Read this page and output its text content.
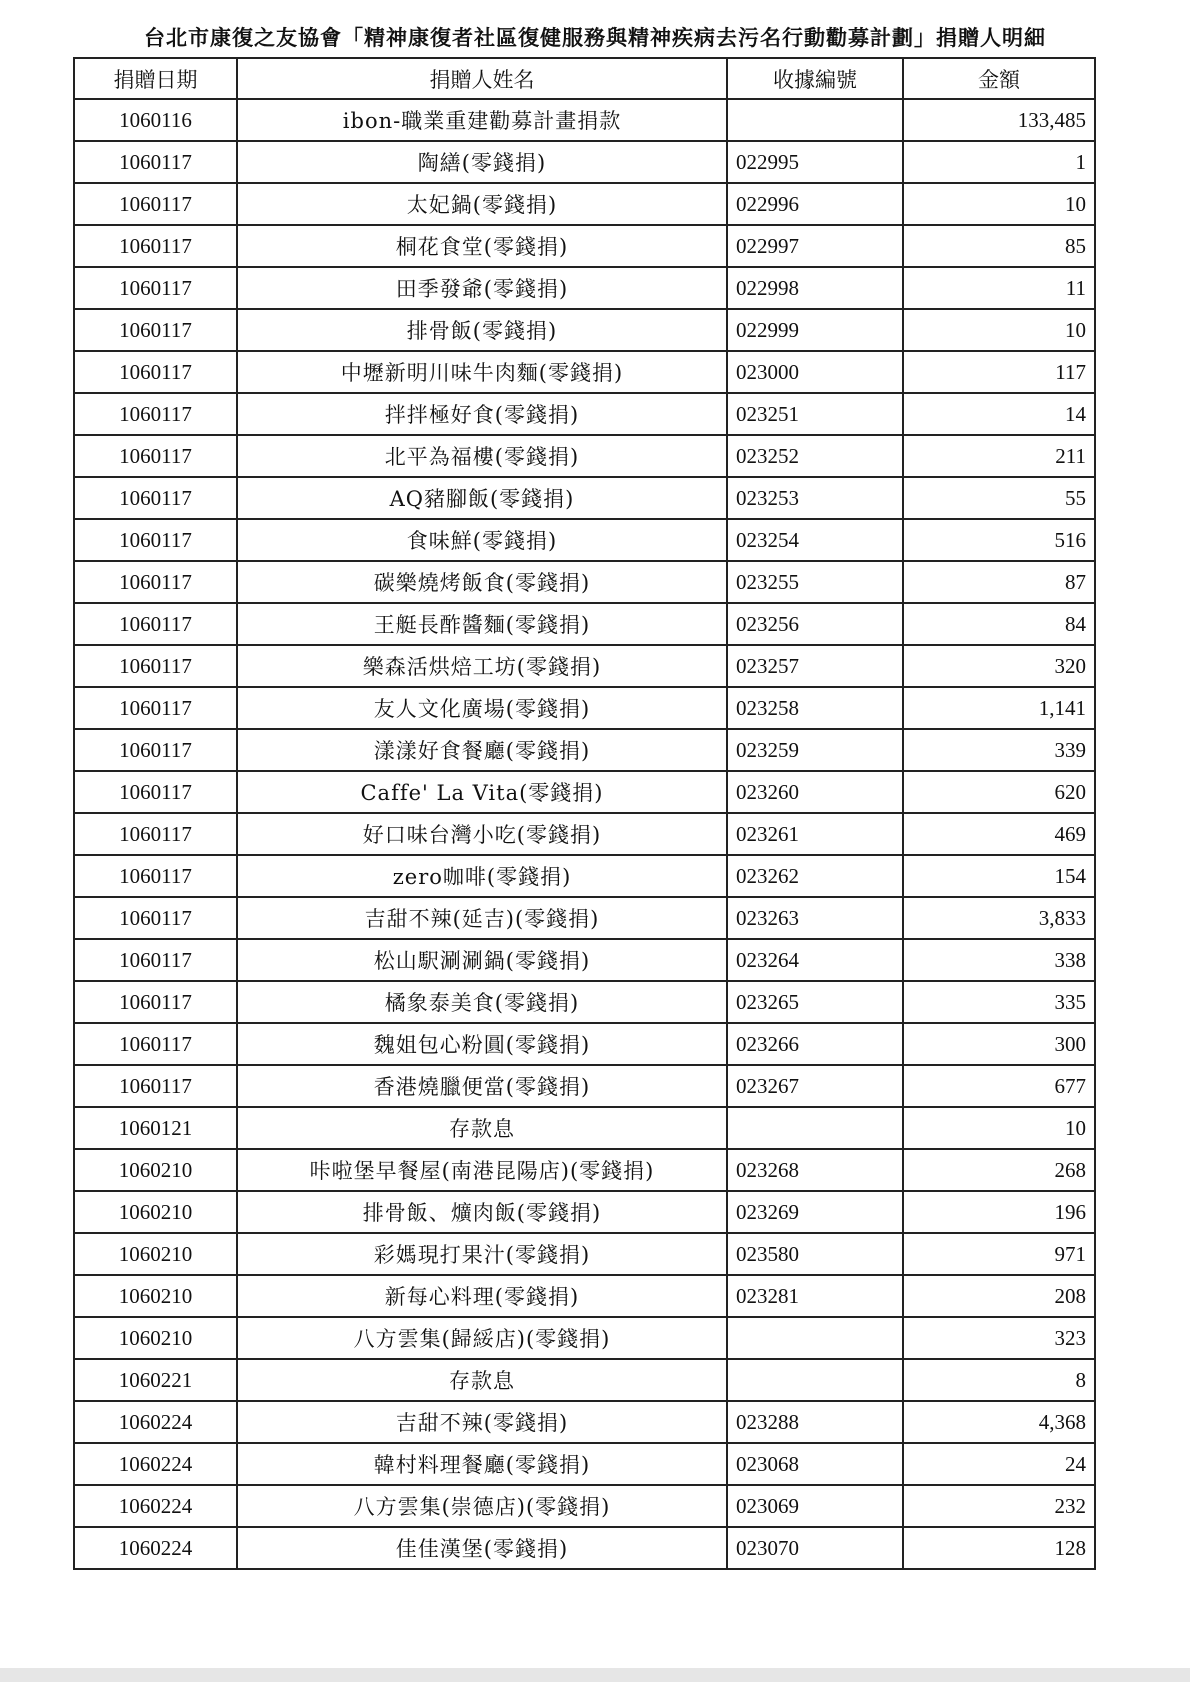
台北市康復之友協會「精神康復者社區復健服務與精神疾病去污名行動勸募計劃」捐贈人明細
捐贈日期	捐贈人姓名	收據編號	金額
1060116	ibon-職業重建勸募計畫捐款		133,485
1060117	陶繕(零錢捐)	022995	1
1060117	太妃鍋(零錢捐)	022996	10
1060117	桐花食堂(零錢捐)	022997	85
1060117	田季發爺(零錢捐)	022998	11
1060117	排骨飯(零錢捐)	022999	10
1060117	中壢新明川味牛肉麵(零錢捐)	023000	117
1060117	拌拌極好食(零錢捐)	023251	14
1060117	北平為福樓(零錢捐)	023252	211
1060117	AQ豬腳飯(零錢捐)	023253	55
1060117	食味鮮(零錢捐)	023254	516
1060117	碳樂燒烤飯食(零錢捐)	023255	87
1060117	王艇長酢醬麵(零錢捐)	023256	84
1060117	樂森活烘焙工坊(零錢捐)	023257	320
1060117	友人文化廣場(零錢捐)	023258	1,141
1060117	漾漾好食餐廳(零錢捐)	023259	339
1060117	Caffe' La Vita(零錢捐)	023260	620
1060117	好口味台灣小吃(零錢捐)	023261	469
1060117	zero咖啡(零錢捐)	023262	154
1060117	吉甜不辣(延吉)(零錢捐)	023263	3,833
1060117	松山駅涮涮鍋(零錢捐)	023264	338
1060117	橘象泰美食(零錢捐)	023265	335
1060117	魏姐包心粉圓(零錢捐)	023266	300
1060117	香港燒臘便當(零錢捐)	023267	677
1060121	存款息		10
1060210	咔啦堡早餐屋(南港昆陽店)(零錢捐)	023268	268
1060210	排骨飯、爌肉飯(零錢捐)	023269	196
1060210	彩媽現打果汁(零錢捐)	023580	971
1060210	新每心料理(零錢捐)	023281	208
1060210	八方雲集(歸綏店)(零錢捐)		323
1060221	存款息		8
1060224	吉甜不辣(零錢捐)	023288	4,368
1060224	韓村料理餐廳(零錢捐)	023068	24
1060224	八方雲集(崇德店)(零錢捐)	023069	232
1060224	佳佳漢堡(零錢捐)	023070	128
